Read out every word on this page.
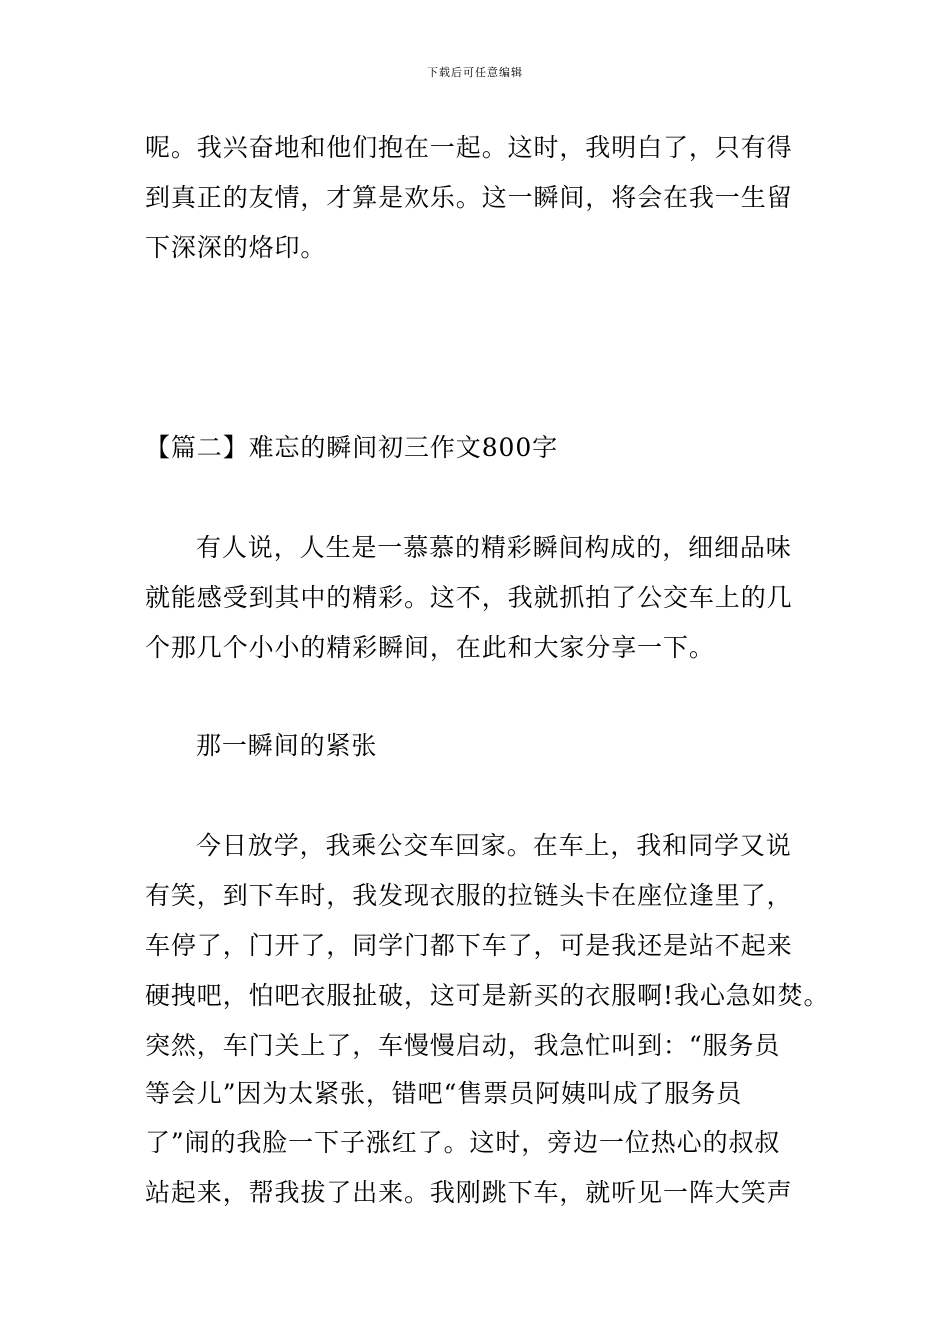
下载后可任意编辑
呢。我兴奋地和他们抱在一起。这时，我明白了，只有得
到真正的友情，才算是欢乐。这一瞬间，将会在我一生留
下深深的烙印。
【篇二】难忘的瞬间初三作文800字
有人说，人生是一慕慕的精彩瞬间构成的，细细品味
就能感受到其中的精彩。这不，我就抓拍了公交车上的几
个那几个小小的精彩瞬间，在此和大家分享一下。
那一瞬间的紧张
今日放学，我乘公交车回家。在车上，我和同学又说
有笑，到下车时，我发现衣服的拉链头卡在座位逢里了，
车停了，门开了，同学门都下车了，可是我还是站不起来
硬拽吧，怕吧衣服扯破，这可是新买的衣服啊!我心急如焚。
突然，车门关上了，车慢慢启动，我急忙叫到：“服务员
等会儿”因为太紧张，错吧“售票员阿姨叫成了服务员
了”闹的我脸一下子涨红了。这时，旁边一位热心的叔叔
站起来，帮我拔了出来。我刚跳下车，就听见一阵大笑声
